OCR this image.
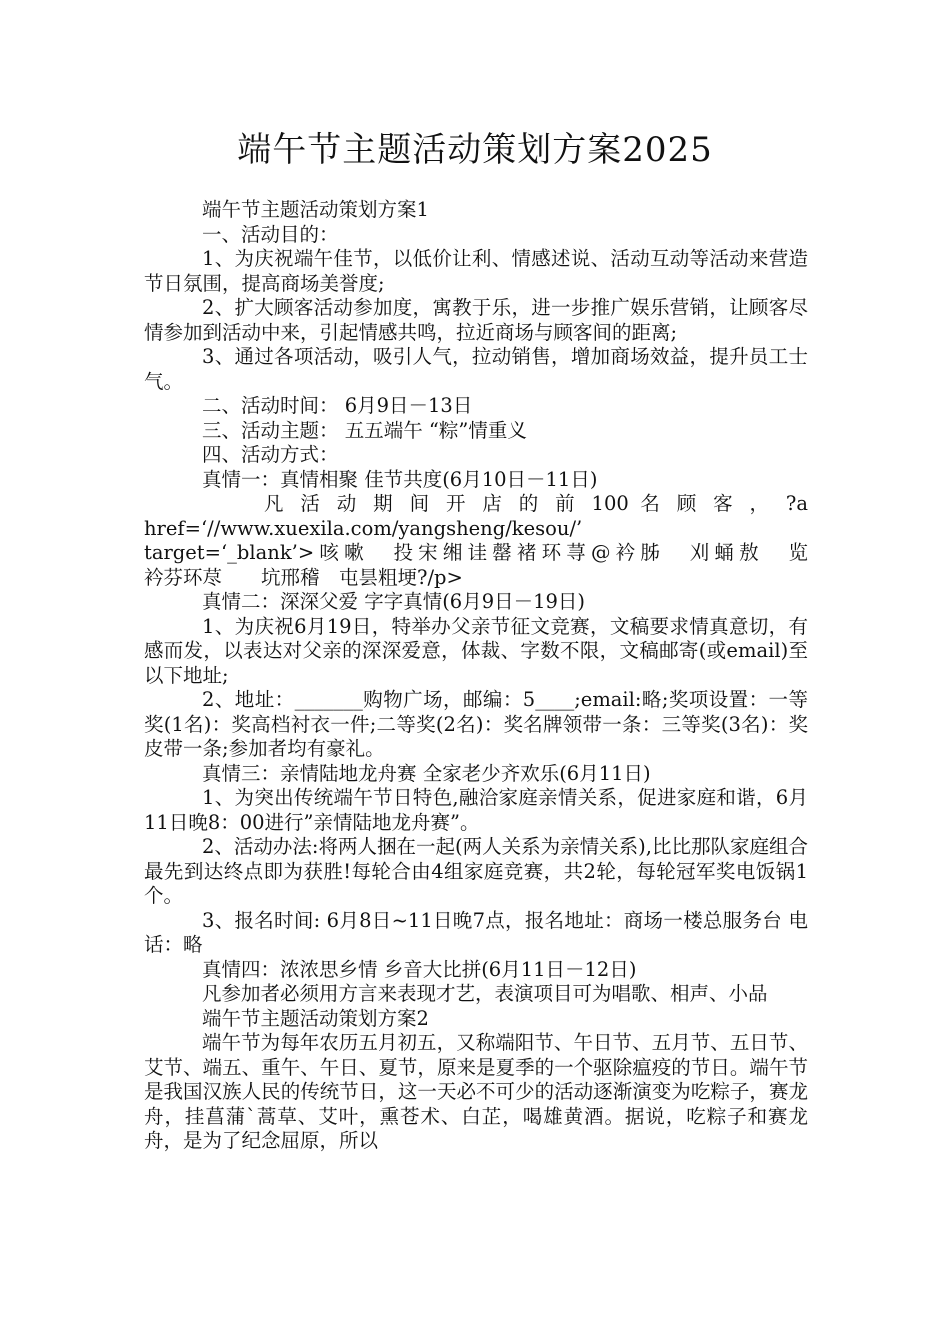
端午节主题活动策划方案2025

端午节主题活动策划方案1

一、活动目的：

1、为庆祝端午佳节，以低价让利、情感述说、活动互动等活动来营造节日氛围，提高商场美誉度;

2、扩大顾客活动参加度，寓教于乐，进一步推广娱乐营销，让顾客尽情参加到活动中来，引起情感共鸣，拉近商场与顾客间的距离;

3、通过各项活动，吸引人气，拉动销售，增加商场效益，提升员工士气。

二、活动时间： 6月9日－13日

三、活动主题： 五五端午 “粽”情重义

四、活动方式：

真情一：真情相聚 佳节共度(6月10日－11日)

凡 活 动 期 间 开 店 的 前 100 名 顾 客 ， ?a

href=‘//www.xuexila.com/yangsheng/kesou/’

target=‘_blank’>咳嗽　投宋缃诖罄褚环荨@衿胏　刈蛹敖　览

衿芬环荩　　坑邢稽　屯昙粗埂?/p>

真情二：深深父爱 字字真情(6月9日－19日)

1、为庆祝6月19日，特举办父亲节征文竞赛，文稿要求情真意切，有感而发，以表达对父亲的深深爱意，体裁、字数不限，文稿邮寄(或email)至以下地址;

2、地址：_______购物广场，邮编：5____;email:略;奖项设置：一等奖(1名)：奖高档衬衣一件;二等奖(2名)：奖名牌领带一条：三等奖(3名)：奖皮带一条;参加者均有豪礼。

真情三：亲情陆地龙舟赛 全家老少齐欢乐(6月11日)

1、为突出传统端午节日特色,融洽家庭亲情关系，促进家庭和谐，6月11日晚8：00进行”亲情陆地龙舟赛”。

2、活动办法:将两人捆在一起(两人关系为亲情关系),比比那队家庭组合最先到达终点即为获胜!每轮合由4组家庭竞赛，共2轮，每轮冠军奖电饭锅1个。

3、报名时间: 6月8日~11日晚7点，报名地址：商场一楼总服务台 电话：略

真情四：浓浓思乡情 乡音大比拼(6月11日－12日)

凡参加者必须用方言来表现才艺，表演项目可为唱歌、相声、小品

端午节主题活动策划方案2

端午节为每年农历五月初五，又称端阳节、午日节、五月节、五日节、艾节、端五、重午、午日、夏节，原来是夏季的一个驱除瘟疫的节日。端午节是我国汉族人民的传统节日，这一天必不可少的活动逐渐演变为吃粽子，赛龙舟，挂菖蒲`蒿草、艾叶，熏苍术、白芷，喝雄黄酒。据说，吃粽子和赛龙舟，是为了纪念屈原，所以
